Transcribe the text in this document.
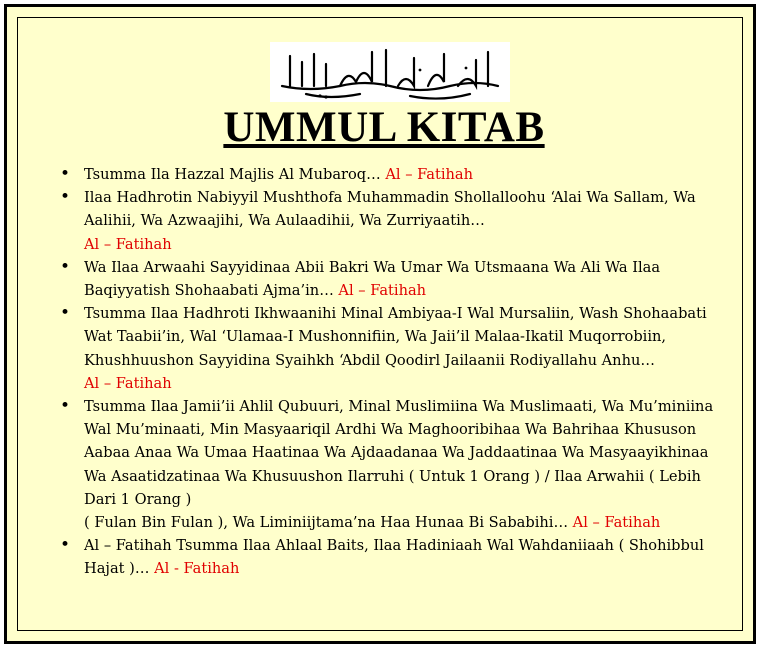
UMMUL KITAB
• Tsumma Ila Hazzal Majlis Al Mubaroq… Al – Fatihah
• Ilaa Hadhrotin Nabiyyil Mushthofa Muhammadin Shollalloohu ‘Alai Wa Sallam, Wa
Aalihii, Wa Azwaajihi, Wa Aulaadihii, Wa Zurriyaatih…
Al – Fatihah
• Wa Ilaa Arwaahi Sayyidinaa Abii Bakri Wa Umar Wa Utsmaana Wa Ali Wa Ilaa
Baqiyyatish Shohaabati Ajma’in… Al – Fatihah
• Tsumma Ilaa Hadhroti Ikhwaanihi Minal Ambiyaa-I Wal Mursaliin, Wash Shohaabati
Wat Taabii’in, Wal ‘Ulamaa-I Mushonnifiin, Wa Jaii’il Malaa-Ikatil Muqorrobiin,
Khushhuushon Sayyidina Syaihkh ‘Abdil Qoodirl Jailaanii Rodiyallahu Anhu…
Al – Fatihah
• Tsumma Ilaa Jamii’ii Ahlil Qubuuri, Minal Muslimiina Wa Muslimaati, Wa Mu’miniina
Wal Mu’minaati, Min Masyaariqil Ardhi Wa Maghooribihaa Wa Bahrihaa Khususon
Aabaa Anaa Wa Umaa Haatinaa Wa Ajdaadanaa Wa Jaddaatinaa Wa Masyaayikhinaa
Wa Asaatidzatinaa Wa Khusuushon Ilarruhi ( Untuk 1 Orang ) / Ilaa Arwahii ( Lebih
Dari 1 Orang )
( Fulan Bin Fulan ), Wa Liminiijtama’na Haa Hunaa Bi Sababihi… Al – Fatihah
• Al – Fatihah Tsumma Ilaa Ahlaal Baits, Ilaa Hadiniaah Wal Wahdaniiaah ( Shohibbul
Hajat )… Al - Fatihah
